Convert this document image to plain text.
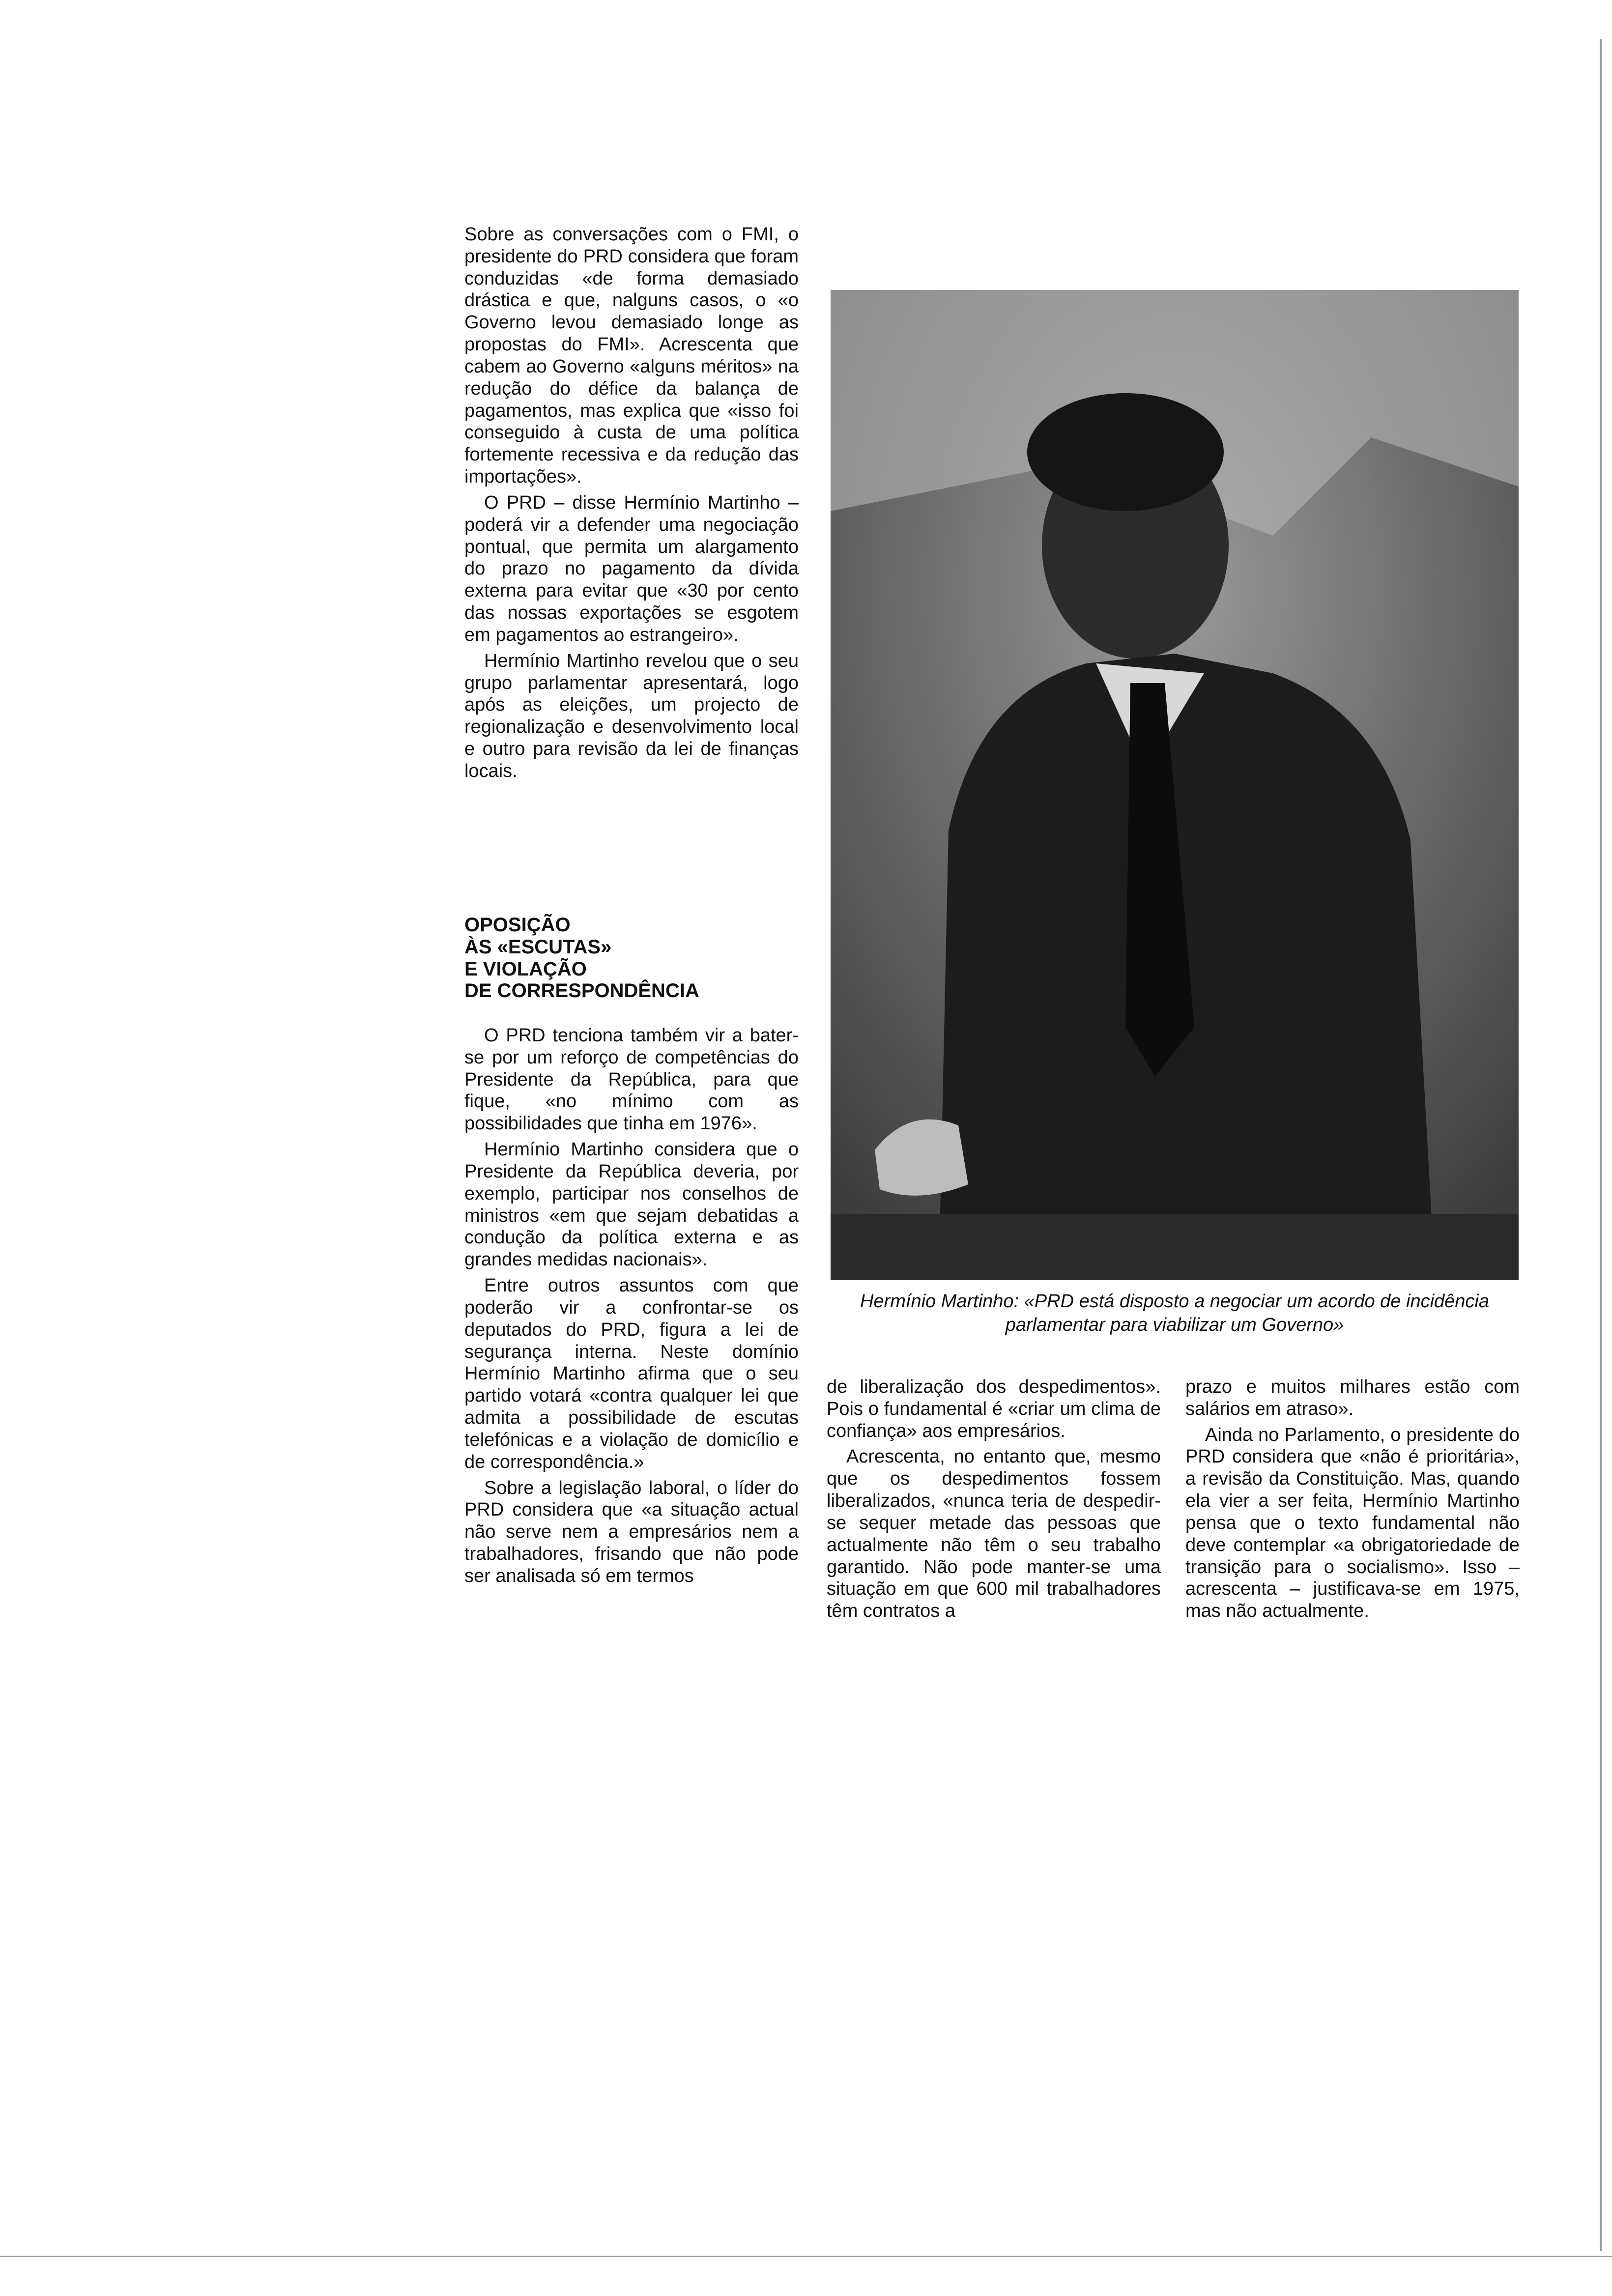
Sobre as conversações com o FMI, o presidente do PRD considera que foram conduzidas «de forma demasiado drástica e que, nalguns casos, o «o Governo levou demasiado longe as propostas do FMI». Acrescenta que cabem ao Governo «alguns méritos» na redução do défice da balança de pagamentos, mas explica que «isso foi conseguido à custa de uma política fortemente recessiva e da redução das importações».

O PRD – disse Hermínio Martinho – poderá vir a defender uma negociação pontual, que permita um alargamento do prazo no pagamento da dívida externa para evitar que «30 por cento das nossas exportações se esgotem em pagamentos ao estrangeiro».

Hermínio Martinho revelou que o seu grupo parlamentar apresentará, logo após as eleições, um projecto de regionalização e desenvolvimento local e outro para revisão da lei de finanças locais.

OPOSIÇÃO
ÀS «ESCUTAS»
E VIOLAÇÃO
DE CORRESPONDÊNCIA

O PRD tenciona também vir a bater-se por um reforço de competências do Presidente da República, para que fique, «no mínimo com as possibilidades que tinha em 1976».

Hermínio Martinho considera que o Presidente da República deveria, por exemplo, participar nos conselhos de ministros «em que sejam debatidas a condução da política externa e as grandes medidas nacionais».

Entre outros assuntos com que poderão vir a confrontar-se os deputados do PRD, figura a lei de segurança interna. Neste domínio Hermínio Martinho afirma que o seu partido votará «contra qualquer lei que admita a possibilidade de escutas telefónicas e a violação de domicílio e de correspondência.»

Sobre a legislação laboral, o líder do PRD considera que «a situação actual não serve nem a empresários nem a trabalhadores, frisando que não pode ser analisada só em termos

Hermínio Martinho: «PRD está disposto a negociar um acordo de incidência parlamentar para viabilizar um Governo»

de liberalização dos despedimentos». Pois o fundamental é «criar um clima de confiança» aos empresários.

Acrescenta, no entanto que, mesmo que os despedimentos fossem liberalizados, «nunca teria de despedir-se sequer metade das pessoas que actualmente não têm o seu trabalho garantido. Não pode manter-se uma situação em que 600 mil trabalhadores têm contratos a

prazo e muitos milhares estão com salários em atraso».

Ainda no Parlamento, o presidente do PRD considera que «não é prioritária», a revisão da Constituição. Mas, quando ela vier a ser feita, Hermínio Martinho pensa que o texto fundamental não deve contemplar «a obrigatoriedade de transição para o socialismo». Isso – acrescenta – justificava-se em 1975, mas não actualmente.
